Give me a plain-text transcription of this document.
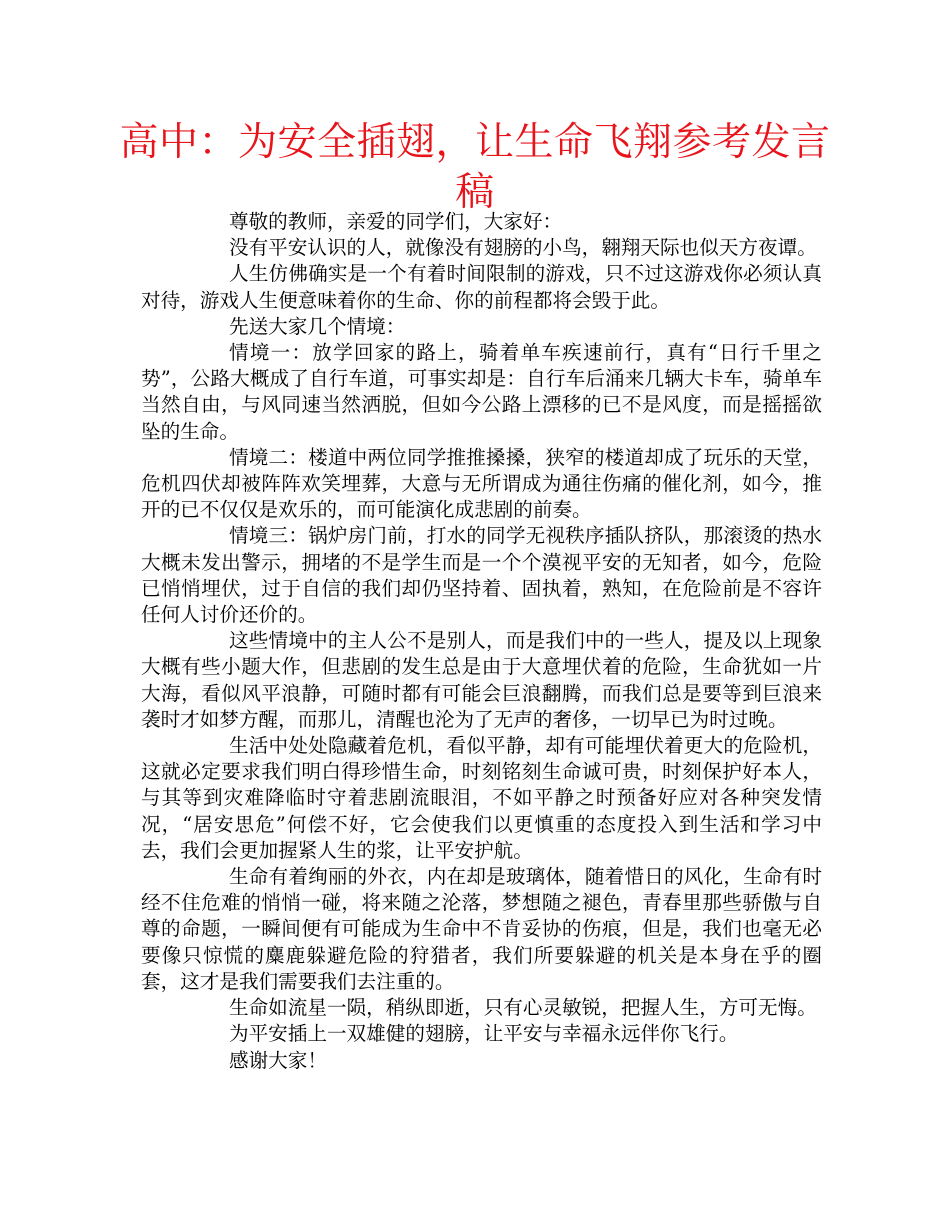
高中：为安全插翅，让生命飞翔参考发言稿

尊敬的教师，亲爱的同学们，大家好：

没有平安认识的人，就像没有翅膀的小鸟，翱翔天际也似天方夜谭。

人生仿佛确实是一个有着时间限制的游戏，只不过这游戏你必须认真对待，游戏人生便意味着你的生命、你的前程都将会毁于此。

先送大家几个情境：

情境一：放学回家的路上，骑着单车疾速前行，真有“日行千里之势”，公路大概成了自行车道，可事实却是：自行车后涌来几辆大卡车，骑单车当然自由，与风同速当然洒脱，但如今公路上漂移的已不是风度，而是摇摇欲坠的生命。

情境二：楼道中两位同学推推搡搡，狭窄的楼道却成了玩乐的天堂，危机四伏却被阵阵欢笑埋葬，大意与无所谓成为通往伤痛的催化剂，如今，推开的已不仅仅是欢乐的，而可能演化成悲剧的前奏。

情境三：锅炉房门前，打水的同学无视秩序插队挤队，那滚烫的热水大概未发出警示，拥堵的不是学生而是一个个漠视平安的无知者，如今，危险已悄悄埋伏，过于自信的我们却仍坚持着、固执着，熟知，在危险前是不容许任何人讨价还价的。

这些情境中的主人公不是别人，而是我们中的一些人，提及以上现象大概有些小题大作，但悲剧的发生总是由于大意埋伏着的危险，生命犹如一片大海，看似风平浪静，可随时都有可能会巨浪翻腾，而我们总是要等到巨浪来袭时才如梦方醒，而那儿，清醒也沦为了无声的奢侈，一切早已为时过晚。

生活中处处隐藏着危机，看似平静，却有可能埋伏着更大的危险机，这就必定要求我们明白得珍惜生命，时刻铭刻生命诚可贵，时刻保护好本人，与其等到灾难降临时守着悲剧流眼泪，不如平静之时预备好应对各种突发情况，“居安思危”何偿不好，它会使我们以更慎重的态度投入到生活和学习中去，我们会更加握紧人生的浆，让平安护航。

生命有着绚丽的外衣，内在却是玻璃体，随着惜日的风化，生命有时经不住危难的悄悄一碰，将来随之沦落，梦想随之褪色，青春里那些骄傲与自尊的命题，一瞬间便有可能成为生命中不肯妥协的伤痕，但是，我们也毫无必要像只惊慌的麋鹿躲避危险的狩猎者，我们所要躲避的机关是本身在乎的圈套，这才是我们需要我们去注重的。

生命如流星一陨，稍纵即逝，只有心灵敏锐，把握人生，方可无悔。

为平安插上一双雄健的翅膀，让平安与幸福永远伴你飞行。

感谢大家！
